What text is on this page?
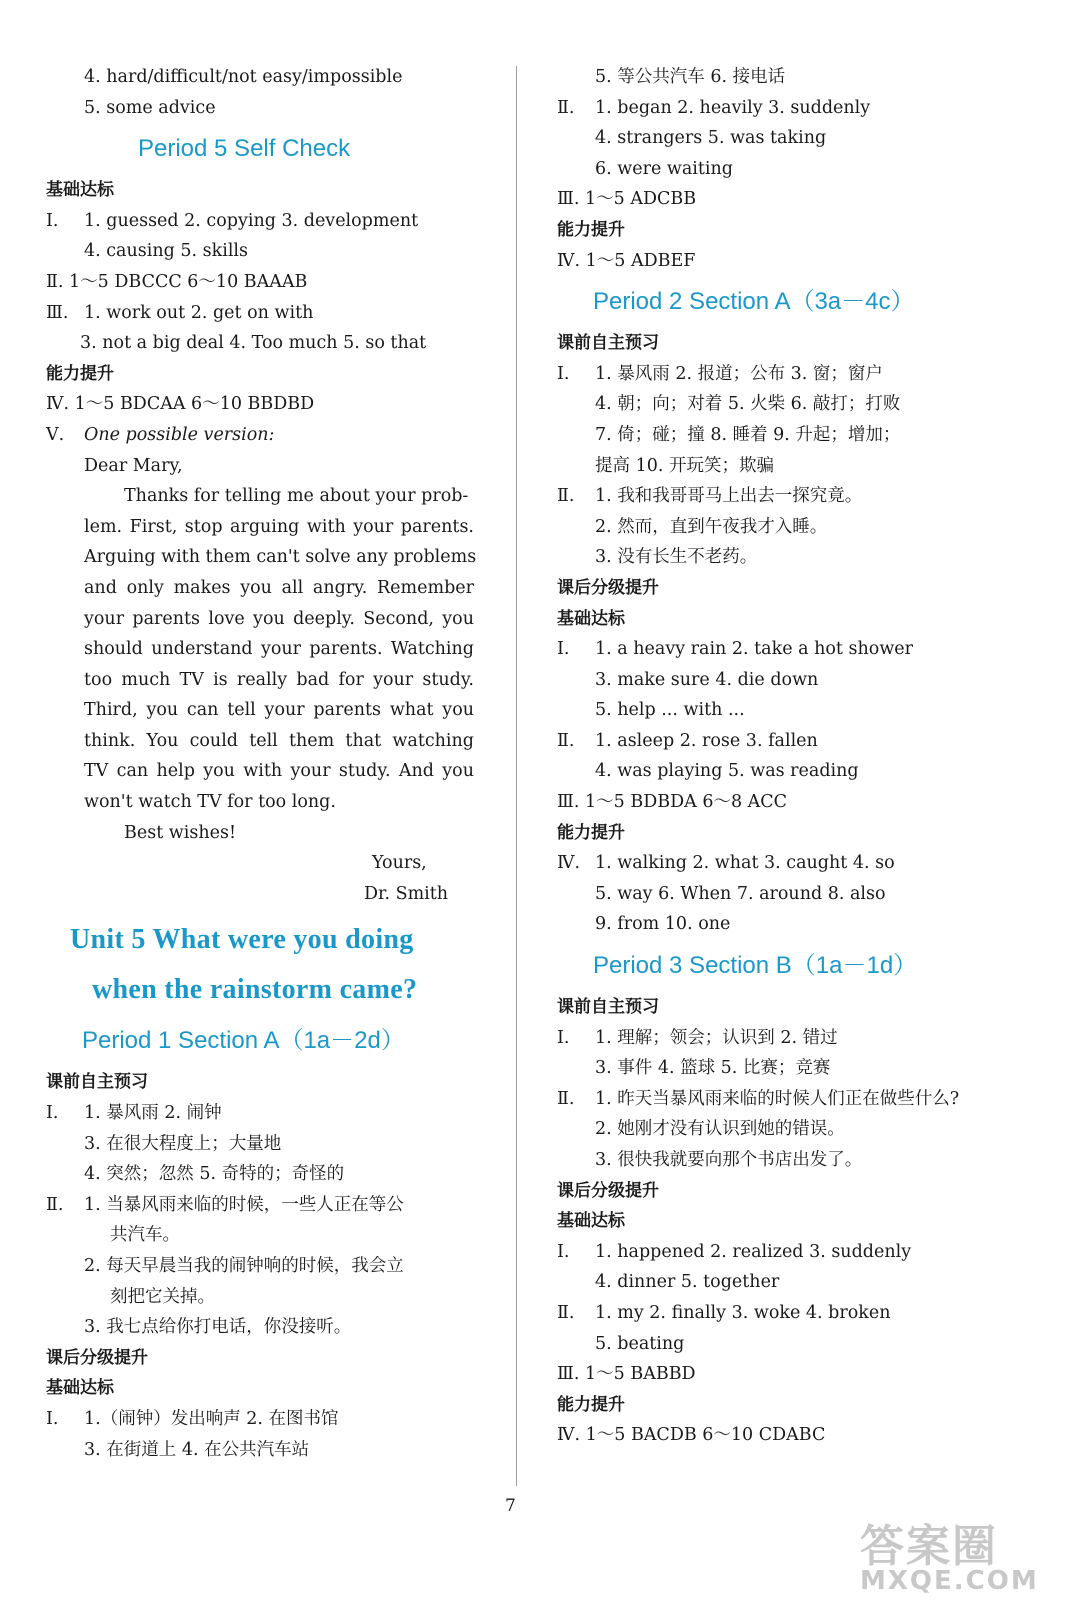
4. hard/difficult/not easy/impossible
5. some advice
Period 5 Self Check
基础达标
Ⅰ. 1. guessed 2. copying 3. development
4. causing 5. skills
Ⅱ. 1～5 DBCCC 6～10 BAAAB
Ⅲ. 1. work out 2. get on with
3. not a big deal 4. Too much 5. so that
能力提升
Ⅳ. 1～5 BDCAA 6～10 BBDBD
Ⅴ. One possible version:
Dear Mary,
Thanks for telling me about your prob-
lem. First, stop arguing with your parents.
Arguing with them can't solve any problems
and only makes you all angry. Remember
your parents love you deeply. Second, you
should understand your parents. Watching
too much TV is really bad for your study.
Third, you can tell your parents what you
think. You could tell them that watching
TV can help you with your study. And you
won't watch TV for too long.
Best wishes!
Yours,
Dr. Smith
Unit 5 What were you doing
when the rainstorm came?
Period 1 Section A（1a－2d）
课前自主预习
Ⅰ. 1. 暴风雨 2. 闹钟
3. 在很大程度上；大量地
4. 突然；忽然 5. 奇特的；奇怪的
Ⅱ. 1. 当暴风雨来临的时候，一些人正在等公
共汽车。
2. 每天早晨当我的闹钟响的时候，我会立
刻把它关掉。
3. 我七点给你打电话，你没接听。
课后分级提升
基础达标
Ⅰ. 1.（闹钟）发出响声 2. 在图书馆
3. 在街道上 4. 在公共汽车站
5. 等公共汽车 6. 接电话
Ⅱ. 1. began 2. heavily 3. suddenly
4. strangers 5. was taking
6. were waiting
Ⅲ. 1～5 ADCBB
能力提升
Ⅳ. 1～5 ADBEF
Period 2 Section A（3a－4c）
课前自主预习
Ⅰ. 1. 暴风雨 2. 报道；公布 3. 窗；窗户
4. 朝；向；对着 5. 火柴 6. 敲打；打败
7. 倚；碰；撞 8. 睡着 9. 升起；增加；
提高 10. 开玩笑；欺骗
Ⅱ. 1. 我和我哥哥马上出去一探究竟。
2. 然而，直到午夜我才入睡。
3. 没有长生不老药。
课后分级提升
基础达标
Ⅰ. 1. a heavy rain 2. take a hot shower
3. make sure 4. die down
5. help ... with ...
Ⅱ. 1. asleep 2. rose 3. fallen
4. was playing 5. was reading
Ⅲ. 1～5 BDBDA 6～8 ACC
能力提升
Ⅳ. 1. walking 2. what 3. caught 4. so
5. way 6. When 7. around 8. also
9. from 10. one
Period 3 Section B（1a－1d）
课前自主预习
Ⅰ. 1. 理解；领会；认识到 2. 错过
3. 事件 4. 篮球 5. 比赛；竞赛
Ⅱ. 1. 昨天当暴风雨来临的时候人们正在做些什么?
2. 她刚才没有认识到她的错误。
3. 很快我就要向那个书店出发了。
课后分级提升
基础达标
Ⅰ. 1. happened 2. realized 3. suddenly
4. dinner 5. together
Ⅱ. 1. my 2. finally 3. woke 4. broken
5. beating
Ⅲ. 1～5 BABBD
能力提升
Ⅳ. 1～5 BACDB 6～10 CDABC
7
答案圈
MXQE.COM
